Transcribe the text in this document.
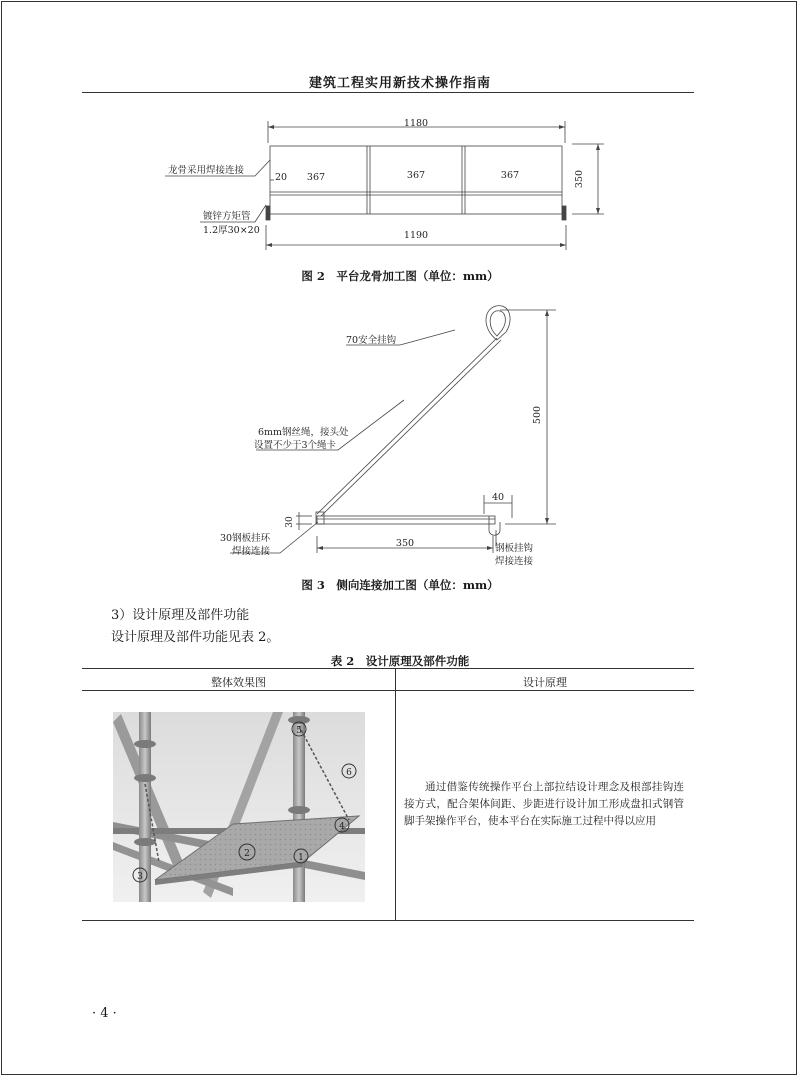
建筑工程实用新技术操作指南
1180
20 367	367	367	350
1190
龙骨采用焊接连接
镀锌方矩管
1.2厚30×20
图 2　平台龙骨加工图（单位：mm）
70安全挂钩
6mm钢丝绳，接头处
设置不少于3个绳卡
500
40
30
350
30钢板挂环
焊接连接	钢板挂钩
焊接连接
图 3　侧向连接加工图（单位：mm）
3）设计原理及部件功能
设计原理及部件功能见表 2。
表 2　设计原理及部件功能
整体效果图	设计原理
1
2
3
4
5
6
通过借鉴传统操作平台上部拉结设计理念及根部挂钩连接方式，配合架体间距、步距进行设计加工形成盘扣式钢管脚手架操作平台，使本平台在实际施工过程中得以应用
· 4 ·
